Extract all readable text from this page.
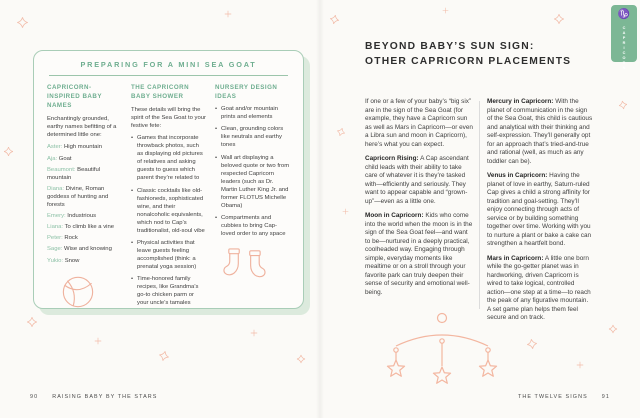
PREPARING FOR A MINI SEA GOAT
CAPRICORN-INSPIRED BABY NAMES

Enchantingly grounded, earthy names befitting of a determined little one:

Aster: High mountain

Aja: Goat

Beaumont: Beautiful mountain

Diana: Divine, Roman goddess of hunting and forests

Emery: Industrious

Liana: To climb like a vine

Peter: Rock

Sage: Wise and knowing

Yukio: Snow

THE CAPRICORN BABY SHOWER

These details will bring the spirit of the Sea Goat to your festive fete:

• Games that incorporate throwback photos, such as displaying old pictures of relatives and asking guests to guess which parent they’re related to
• Classic cocktails like old-fashioneds, sophisticated wine, and their nonalcoholic equivalents, which nod to Cap’s traditionalist, old-soul vibe
• Physical activities that leave guests feeling accomplished (think: a prenatal yoga session)
• Time-honored family recipes, like Grandma’s go-to chicken parm or your uncle’s tamales
NURSERY DESIGN IDEAS
• Goat and/or mountain prints and elements
• Clean, grounding colors like neutrals and earthy tones
• Wall art displaying a beloved quote or two from respected Capricorn leaders (such as Dr. Martin Luther King Jr. and former FLOTUS Michelle Obama)
• Compartments and cubbies to bring Cap-loved order to any space
90	RAISING BABY BY THE STARS
♑
CAPRICORN
BEYOND BABY’S SUN SIGN:
OTHER CAPRICORN PLACEMENTS

If one or a few of your baby’s “big six” are in the sign of the Sea Goat (for example, they have a Capricorn sun as well as Mars in Capricorn—or even a Libra sun and moon in Capricorn), here’s what you can expect.

Capricorn Rising: A Cap ascendant child leads with their ability to take care of whatever it is they’re tasked with—efficiently and seriously. They want to appear capable and “grown-up”—even as a little one.

Moon in Capricorn: Kids who come into the world when the moon is in the sign of the Sea Goat feel—and want to be—nurtured in a deeply practical, coolheaded way. Engaging through simple, everyday moments like mealtime or on a stroll through your favorite park can truly deepen their sense of security and emotional well-being.

Mercury in Capricorn: With the planet of communication in the sign of the Sea Goat, this child is cautious and analytical with their thinking and self-expression. They’ll generally opt for an approach that’s tried-and-true and rational (well, as much as any toddler can be).

Venus in Capricorn: Having the planet of love in earthy, Saturn-ruled Cap gives a child a strong affinity for tradition and goal-setting. They’ll enjoy connecting through acts of service or by building something together over time. Working with you to nurture a plant or bake a cake can strengthen a heartfelt bond.

Mars in Capricorn: A little one born while the go-getter planet was in hardworking, driven Capricorn is wired to take logical, controlled action—one step at a time—to reach the peak of any figurative mountain. A set game plan helps them feel secure and on track.

THE TWELVE SIGNS	91
